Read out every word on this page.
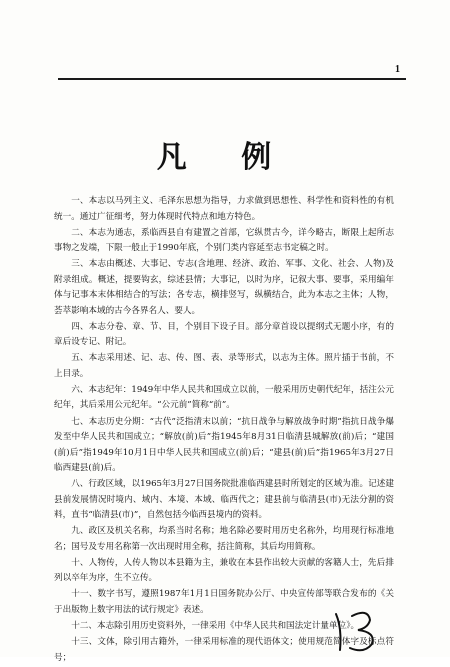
1
凡 例

一、本志以马列主义、毛泽东思想为指导，力求做到思想性、科学性和资料性的有机统一。通过广征细考，努力体现时代特点和地方特色。

二、本志为通志，系临西县自有建置之首部，它纵贯古今，详今略古，断限上起所志事物之发端，下限一般止于1990年底，个别门类内容延至志书定稿之时。

三、本志由概述、大事记、专志(含地理、经济、政治、军事、文化、社会、人物)及附录组成。概述，提要钩玄，综述县情；大事记，以时为序，记叙大事、要事，采用编年体与记事本末体相结合的写法；各专志，横排竖写，纵横结合，此为本志之主体；人物，荟萃影响本域的古今各界名人、要人。

四、本志分卷、章、节、目，个别目下设子目。部分章首设以提纲式无题小序，有的章后设专记、附记。

五、本志采用述、记、志、传、图、表、录等形式，以志为主体。照片插于书前，不上目录。

六、本志纪年：1949年中华人民共和国成立以前，一般采用历史朝代纪年，括注公元纪年，其后采用公元纪年。“公元前”简称“前”。

七、本志历史分期：“古代”泛指清末以前；“抗日战争与解放战争时期”指抗日战争爆发至中华人民共和国成立；“解放(前)后”指1945年8月31日临清县城解放(前)后；“建国(前)后”指1949年10月1日中华人民共和国成立(前)后；“建县(前)后”指1965年3月27日临西建县(前)后。

八、行政区域，以1965年3月27日国务院批准临西建县时所划定的区域为准。记述建县前发展情况时境内、域内、本境、本域、临西代之；建县前与临清县(市)无法分割的资料，直书“临清县(市)”，自然包括今临西县境内的资料。

九、政区及机关名称，均系当时名称；地名除必要时用历史名称外，均用现行标准地名；国号及专用名称第一次出现时用全称，括注简称，其后均用简称。

十、人物传，人传人物以本县籍为主，兼收在本县作出较大贡献的客籍人士，先后排列以卒年为序，生不立传。

十一、数字书写，遵照1987年1月1日国务院办公厅、中央宣传部等联合发布的《关于出版物上数字用法的试行规定》表述。

十二、本志除引用历史资料外，一律采用《中华人民共和国法定计量单位》。

十三、文体，除引用古籍外，一律采用标准的现代语体文；使用规范简体字及标点符号；
